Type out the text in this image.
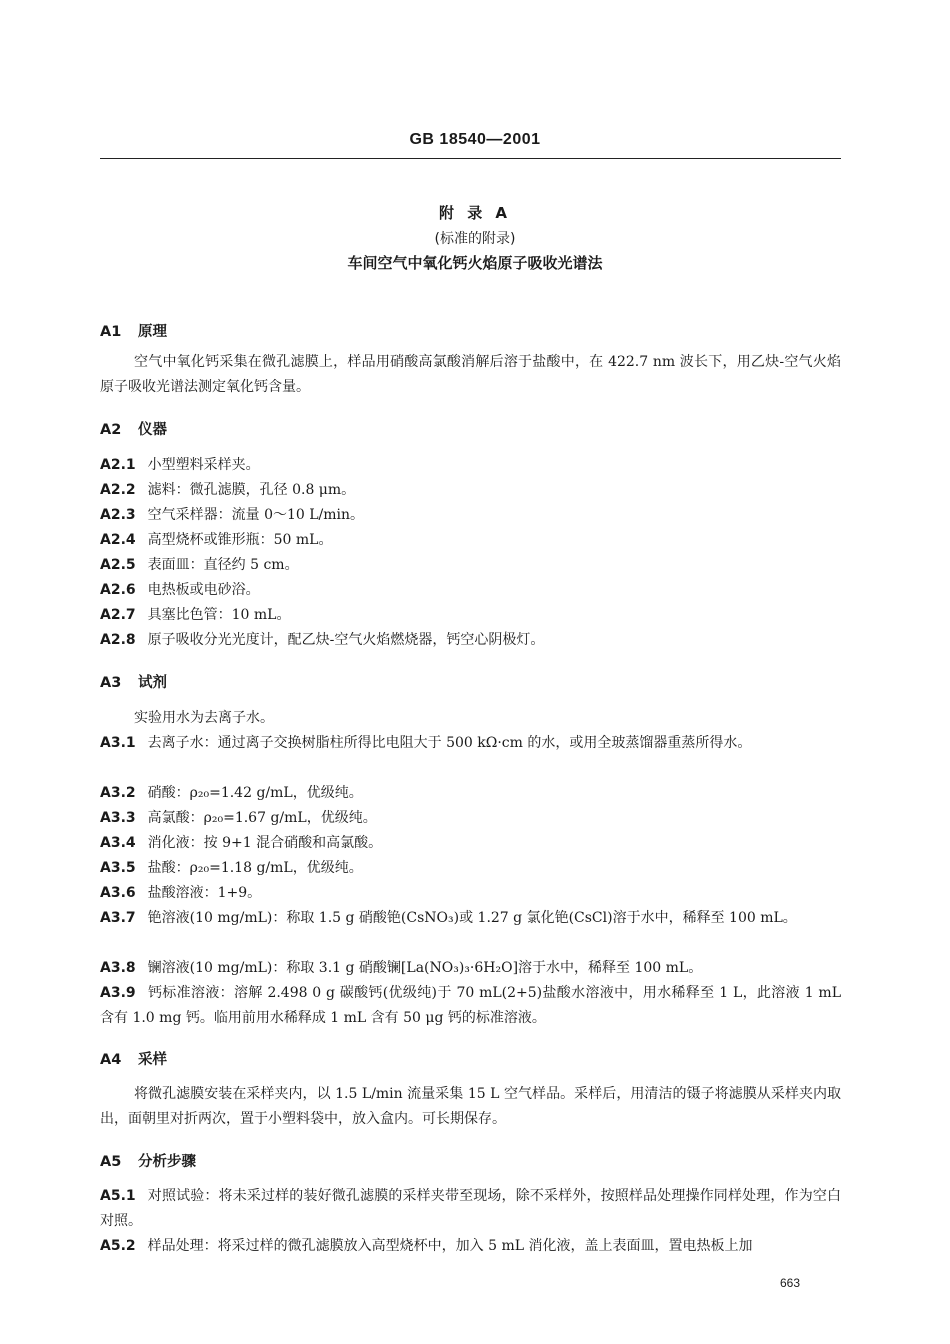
GB 18540—2001
附 录 A
(标准的附录)
车间空气中氧化钙火焰原子吸收光谱法
A1 原理
空气中氧化钙采集在微孔滤膜上，样品用硝酸高氯酸消解后溶于盐酸中，在 422.7 nm 波长下，用乙炔-空气火焰原子吸收光谱法测定氧化钙含量。
A2 仪器
A2.1 小型塑料采样夹。
A2.2 滤料：微孔滤膜，孔径 0.8 μm。
A2.3 空气采样器：流量 0～10 L/min。
A2.4 高型烧杯或锥形瓶：50 mL。
A2.5 表面皿：直径约 5 cm。
A2.6 电热板或电砂浴。
A2.7 具塞比色管：10 mL。
A2.8 原子吸收分光光度计，配乙炔-空气火焰燃烧器，钙空心阴极灯。
A3 试剂
实验用水为去离子水。
A3.1 去离子水：通过离子交换树脂柱所得比电阻大于 500 kΩ·cm 的水，或用全玻蒸馏器重蒸所得水。
A3.2 硝酸：ρ₂₀=1.42 g/mL，优级纯。
A3.3 高氯酸：ρ₂₀=1.67 g/mL，优级纯。
A3.4 消化液：按 9+1 混合硝酸和高氯酸。
A3.5 盐酸：ρ₂₀=1.18 g/mL，优级纯。
A3.6 盐酸溶液：1+9。
A3.7 铯溶液(10 mg/mL)：称取 1.5 g 硝酸铯(CsNO₃)或 1.27 g 氯化铯(CsCl)溶于水中，稀释至 100 mL。
A3.8 镧溶液(10 mg/mL)：称取 3.1 g 硝酸镧[La(NO₃)₃·6H₂O]溶于水中，稀释至 100 mL。
A3.9 钙标准溶液：溶解 2.498 0 g 碳酸钙(优级纯)于 70 mL(2+5)盐酸水溶液中，用水稀释至 1 L，此溶液 1 mL 含有 1.0 mg 钙。临用前用水稀释成 1 mL 含有 50 μg 钙的标准溶液。
A4 采样
将微孔滤膜安装在采样夹内，以 1.5 L/min 流量采集 15 L 空气样品。采样后，用清洁的镊子将滤膜从采样夹内取出，面朝里对折两次，置于小塑料袋中，放入盒内。可长期保存。
A5 分析步骤
A5.1 对照试验：将未采过样的装好微孔滤膜的采样夹带至现场，除不采样外，按照样品处理操作同样处理，作为空白对照。
A5.2 样品处理：将采过样的微孔滤膜放入高型烧杯中，加入 5 mL 消化液，盖上表面皿，置电热板上加
663
